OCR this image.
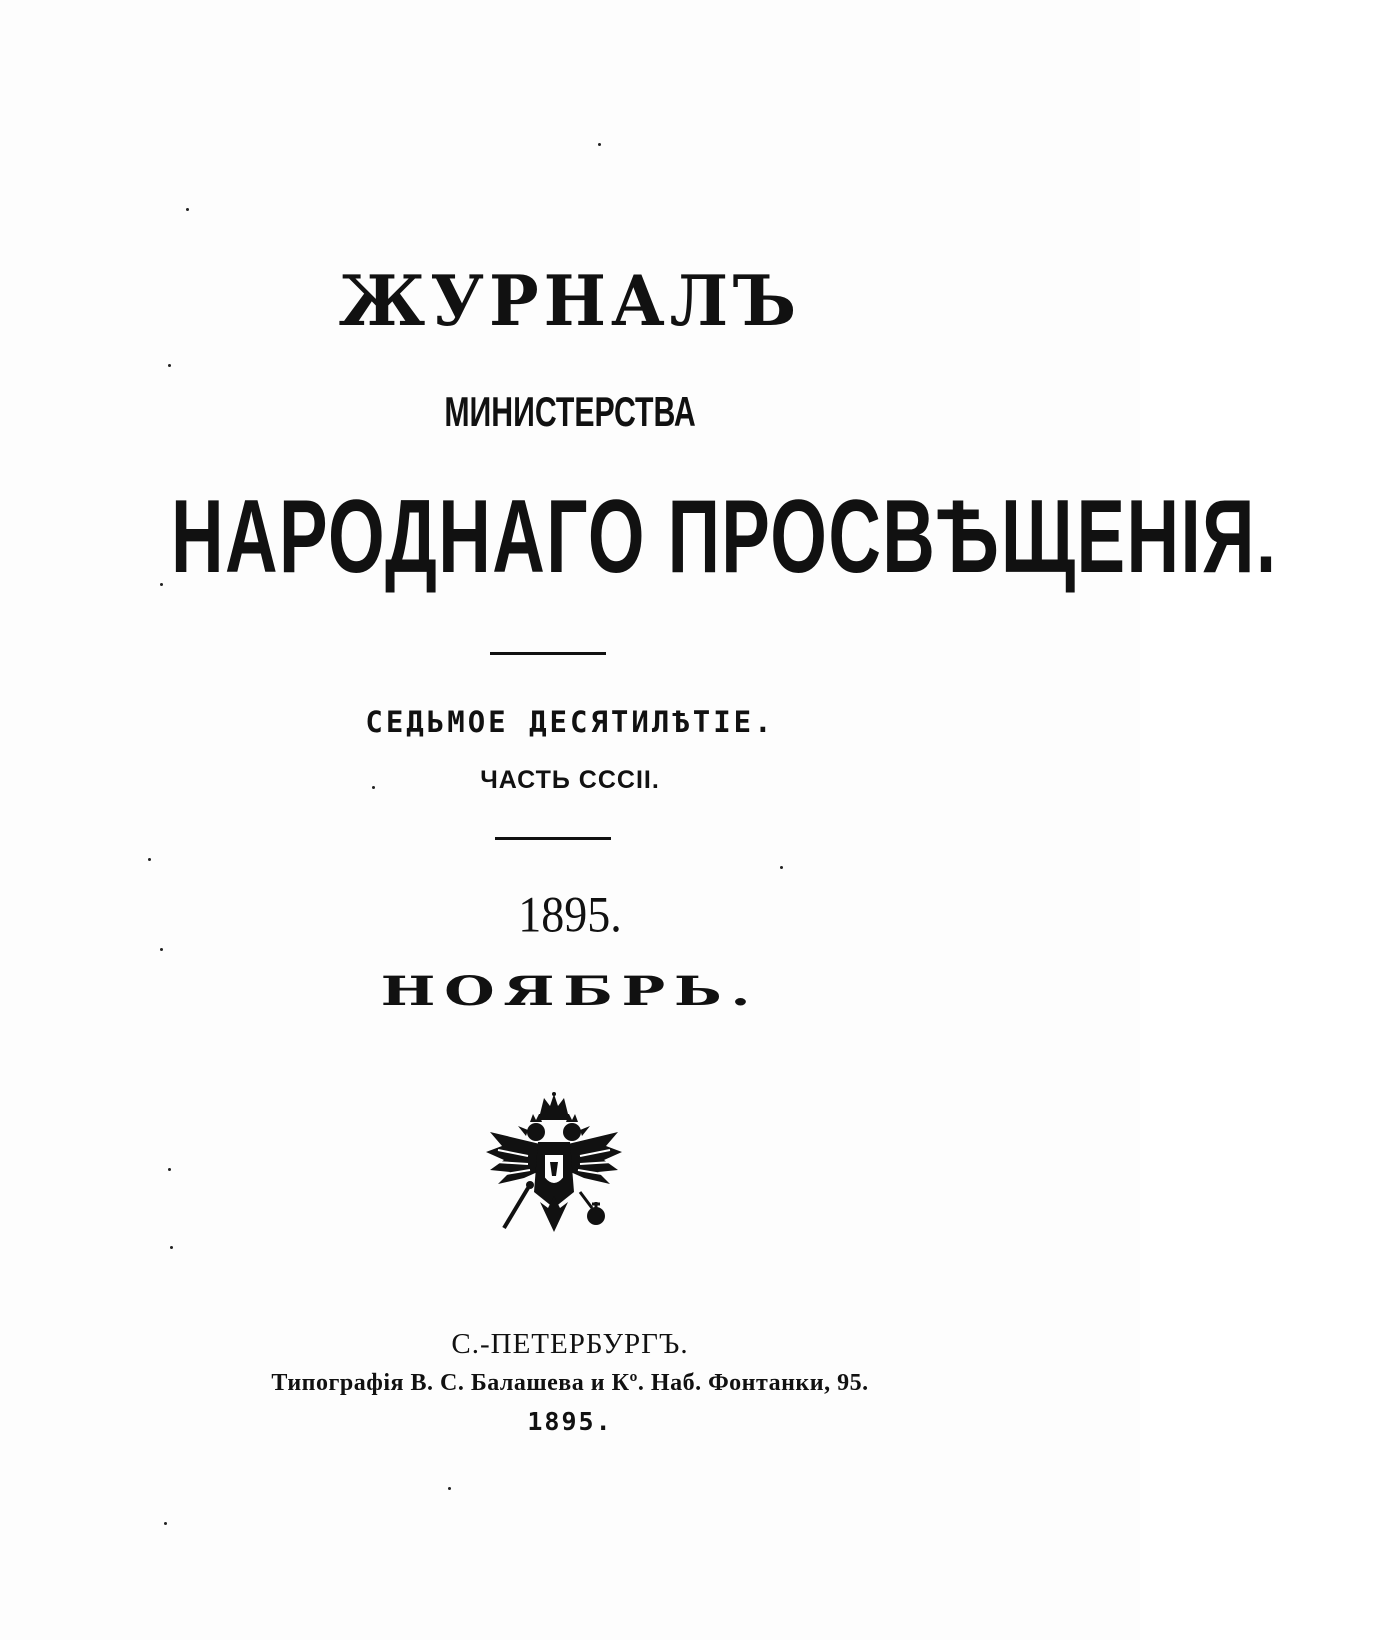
ЖУРНАЛЪ
МИНИСТЕРСТВА
НАРОДНАГО ПРОСВѢЩЕНІЯ.
СЕДЬМОЕ ДЕСЯТИЛѢТІЕ.
ЧАСТЬ CCCII.
1895.
НОЯБРЬ.
С.-ПЕТЕРБУРГЪ.
Типографія В. С. Балашева и Кº. Наб. Фонтанки, 95.
1895.
